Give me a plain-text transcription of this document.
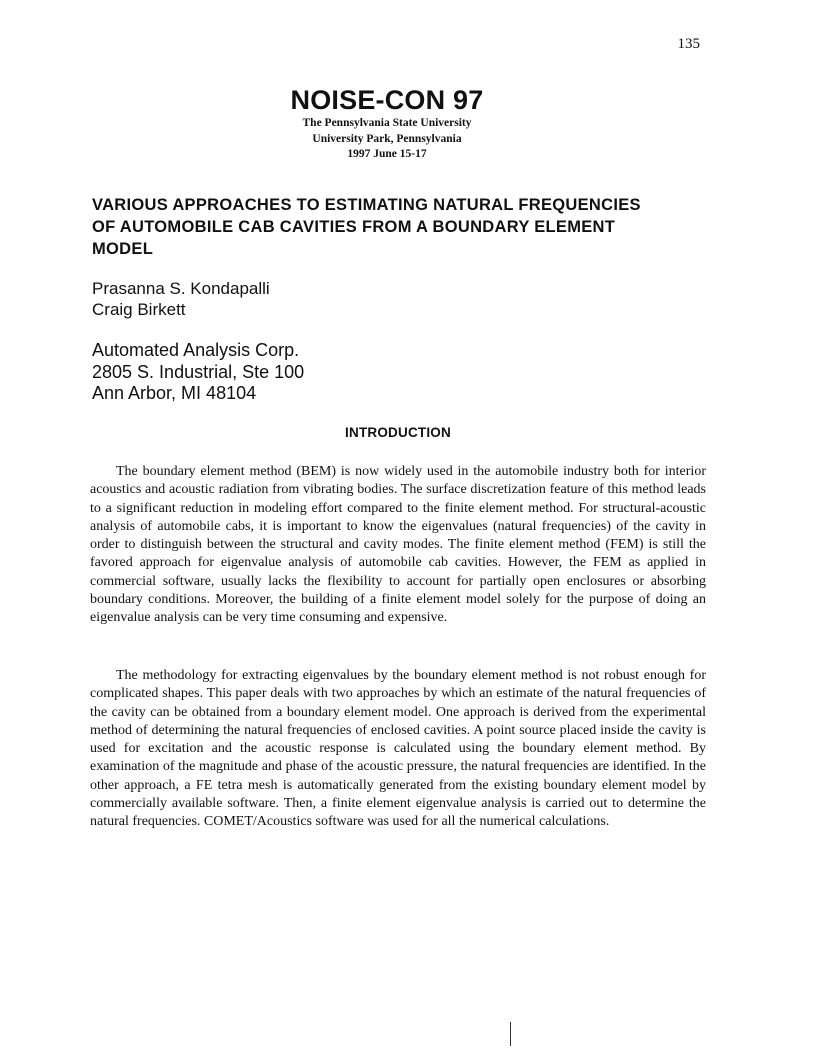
135
NOISE-CON 97
The Pennsylvania State University
University Park, Pennsylvania
1997 June 15-17
VARIOUS APPROACHES TO ESTIMATING NATURAL FREQUENCIES
OF AUTOMOBILE CAB CAVITIES FROM A BOUNDARY ELEMENT
MODEL
Prasanna S. Kondapalli
Craig Birkett
Automated Analysis Corp.
2805 S. Industrial, Ste 100
Ann Arbor, MI 48104
INTRODUCTION

The boundary element method (BEM) is now widely used in the automobile industry both for interior acoustics and acoustic radiation from vibrating bodies. The surface discretization feature of this method leads to a significant reduction in modeling effort compared to the finite element method. For structural-acoustic analysis of automobile cabs, it is important to know the eigenvalues (natural frequencies) of the cavity in order to distinguish between the structural and cavity modes. The finite element method (FEM) is still the favored approach for eigenvalue analysis of automobile cab cavities. However, the FEM as applied in commercial software, usually lacks the flexibility to account for partially open enclosures or absorbing boundary conditions. Moreover, the building of a finite element model solely for the purpose of doing an eigenvalue analysis can be very time consuming and expensive.

The methodology for extracting eigenvalues by the boundary element method is not robust enough for complicated shapes. This paper deals with two approaches by which an estimate of the natural frequencies of the cavity can be obtained from a boundary element model. One approach is derived from the experimental method of determining the natural frequencies of enclosed cavities. A point source placed inside the cavity is used for excitation and the acoustic response is calculated using the boundary element method. By examination of the magnitude and phase of the acoustic pressure, the natural frequencies are identified. In the other approach, a FE tetra mesh is automatically generated from the existing boundary element model by commercially available software. Then, a finite element eigenvalue analysis is carried out to determine the natural frequencies. COMET/Acoustics software was used for all the numerical calculations.
